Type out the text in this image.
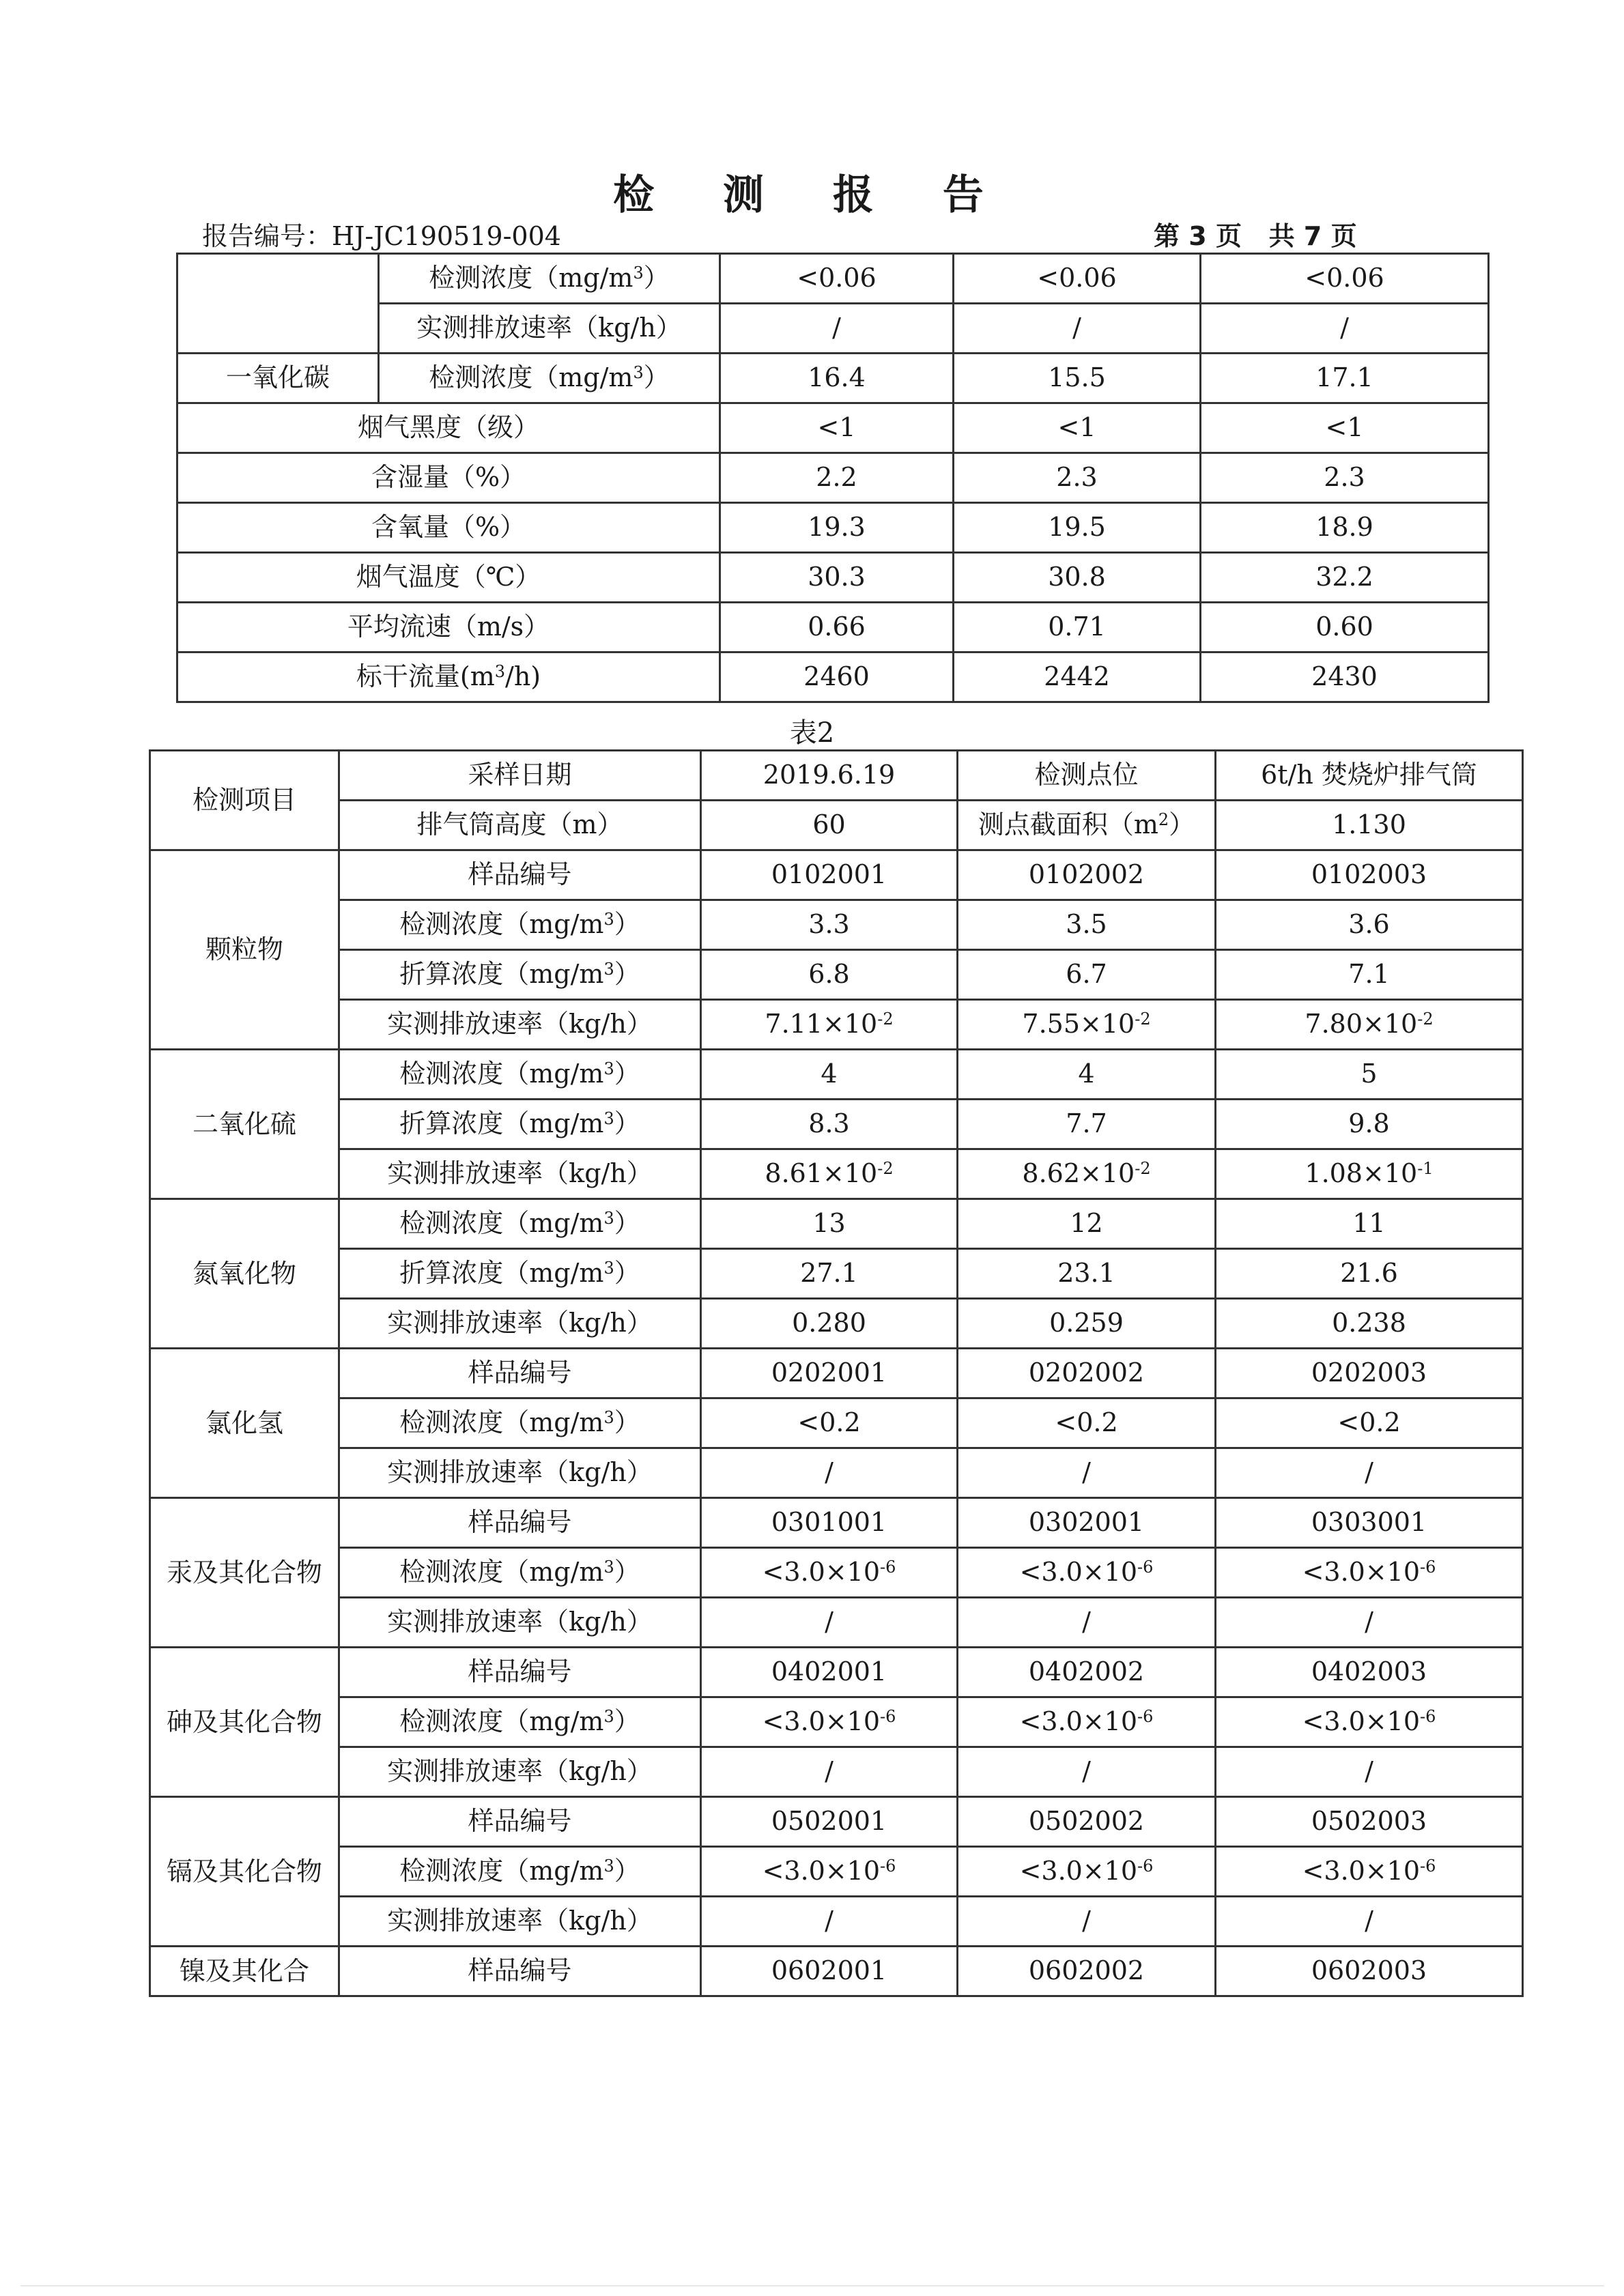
检 测 报 告
报告编号：HJ-JC190519-004	第 3 页 共 7 页
	检测浓度$(mg/m^3)$	<0.06	<0.06	<0.06
	实测排放速率（kg/h）	/	/	/
一氧化碳	检测浓度$(mg/m^3)$	16.4	15.5	17.1
烟气黑度（级）		<1	<1	<1
含湿量（%）		2.2	2.3	2.3
含氧量（%）		19.3	19.5	18.9
烟气温度（℃）		30.3	30.8	32.2
平均流速（m/s）		0.66	0.71	0.60
标干流量$(m^3/h)$		2460	2442	2430
表2
检测项目	采样日期	2019.6.19	检测点位	6t/h 焚烧炉排气筒
	排气筒高度（m）	60	测点截面积$(m^2)$	1.130
颗粒物	样品编号	0102001	0102002	0102003
	检测浓度$(mg/m^3)$	3.3	3.5	3.6
	折算浓度$(mg/m^3)$	6.8	6.7	7.1
	实测排放速率（kg/h）	$7.11\times 10^{-2}$	$7.55\times 10^{-2}$	$7.80\times 10^{-2}$
二氧化硫	检测浓度$(mg/m^3)$	4	4	5
	折算浓度$(mg/m^3)$	8.3	7.7	9.8
	实测排放速率（kg/h）	$8.61\times 10^{-2}$	$8.62\times 10^{-2}$	$1.08\times 10^{-1}$
氮氧化物	检测浓度$(mg/m^3)$	13	12	11
	折算浓度$(mg/m^3)$	27.1	23.1	21.6
	实测排放速率（kg/h）	0.280	0.259	0.238
氯化氢	样品编号	0202001	0202002	0202003
	检测浓度$(mg/m^3)$	<0.2	<0.2	<0.2
	实测排放速率（kg/h）	/	/	/
汞及其化合物	样品编号	0301001	0302001	0303001
	检测浓度$(mg/m^3)$	$<3.0\times 10^{-6}$	$<3.0\times 10^{-6}$	$<3.0\times 10^{-6}$
	实测排放速率（kg/h）	/	/	/
砷及其化合物	样品编号	0402001	0402002	0402003
	检测浓度$(mg/m^3)$	$<3.0\times 10^{-6}$	$<3.0\times 10^{-6}$	$<3.0\times 10^{-6}$
	实测排放速率（kg/h）	/	/	/
镉及其化合物	样品编号	0502001	0502002	0502003
	检测浓度$(mg/m^3)$	$<3.0\times 10^{-6}$	$<3.0\times 10^{-6}$	$<3.0\times 10^{-6}$
	实测排放速率（kg/h）	/	/	/
镍及其化合	样品编号	0602001	0602002	0602003
